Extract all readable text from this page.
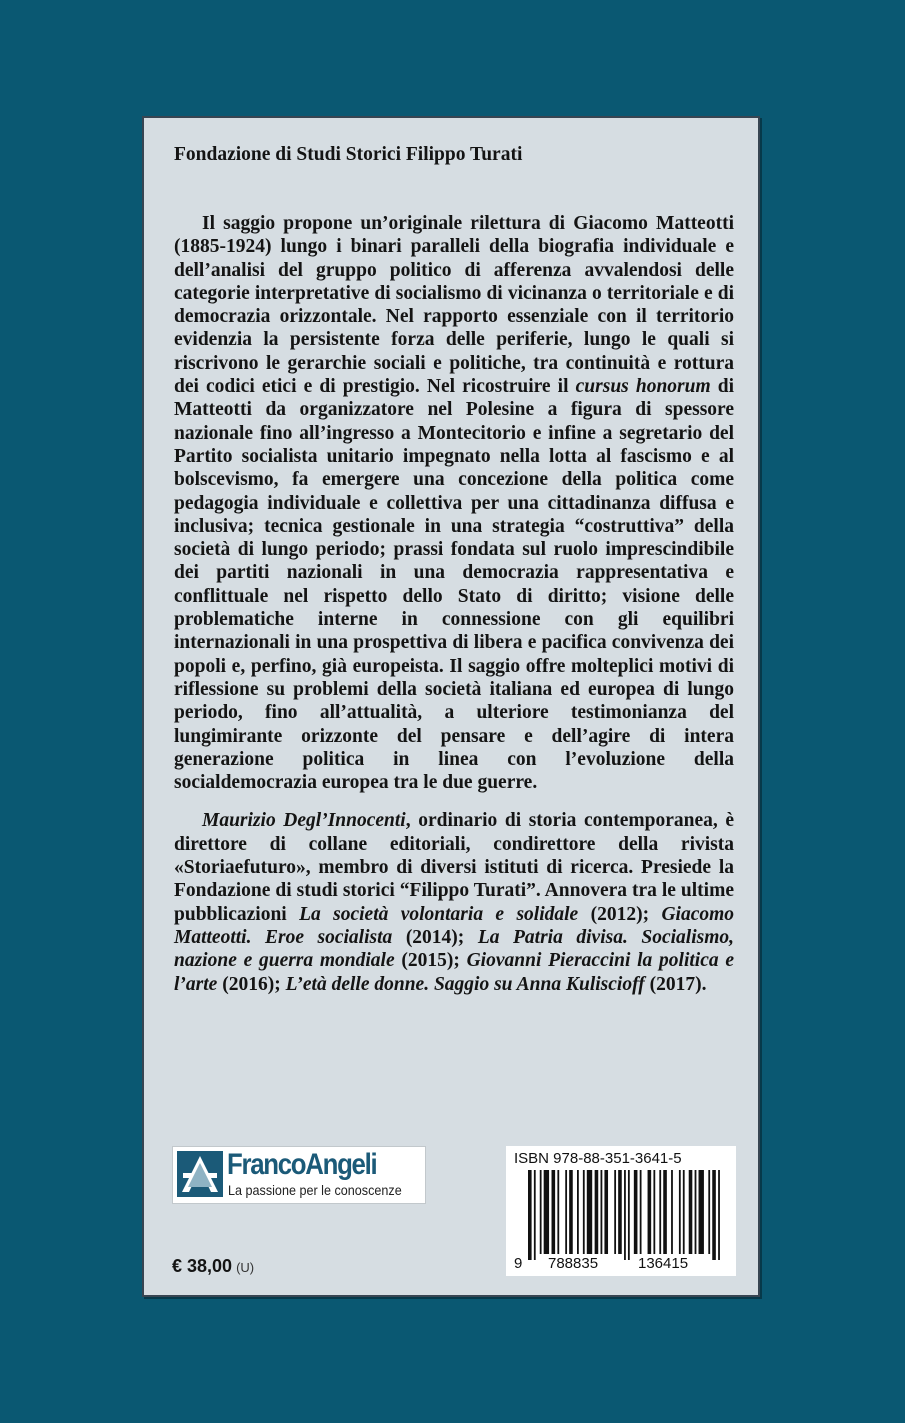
Fondazione di Studi Storici Filippo Turati

Il saggio propone un’originale rilettura di Giacomo Matteotti (1885-1924) lungo i binari paralleli della biografia individuale e dell’analisi del gruppo politico di afferenza avvalendosi delle categorie interpretative di socialismo di vicinanza o territoriale e di democrazia orizzontale. Nel rapporto essenziale con il territorio evidenzia la persistente forza delle periferie, lungo le quali si riscrivono le gerarchie sociali e politiche, tra continuità e rottura dei codici etici e di prestigio. Nel ricostruire il cursus honorum di Matteotti da organizzatore nel Polesine a figura di spessore nazionale fino all’ingresso a Montecitorio e infine a segretario del Partito socialista unitario impegnato nella lotta al fascismo e al bolscevismo, fa emergere una concezione della politica come pedagogia individuale e collettiva per una cittadinanza diffusa e inclusiva; tecnica gestionale in una strategia “costruttiva” della società di lungo periodo; prassi fondata sul ruolo imprescindibile dei partiti nazionali in una democrazia rappresentativa e conflittuale nel rispetto dello Stato di diritto; visione delle problematiche interne in connessione con gli equilibri internazionali in una prospettiva di libera e pacifica convivenza dei popoli e, perfino, già europeista. Il saggio offre molteplici motivi di riflessione su problemi della società italiana ed europea di lungo periodo, fino all’attualità, a ulteriore testimonianza del lungimirante orizzonte del pensare e dell’agire di intera generazione politica in linea con l’evoluzione della socialdemocrazia europea tra le due guerre.

Maurizio Degl’Innocenti, ordinario di storia contemporanea, è direttore di collane editoriali, condirettore della rivista «Storiaefuturo», membro di diversi istituti di ricerca. Presiede la Fondazione di studi storici “Filippo Turati”. Annovera tra le ultime pubblicazioni La società volontaria e solidale (2012); Giacomo Matteotti. Eroe socialista (2014); La Patria divisa. Socialismo, nazione e guerra mondiale (2015); Giovanni Pieraccini la politica e l’arte (2016); L’età delle donne. Saggio su Anna Kuliscioff (2017).

FrancoAngeli
La passione per le conoscenze
€ 38,00 (U)
ISBN 978-88-351-3641-5
9 788835	136415
